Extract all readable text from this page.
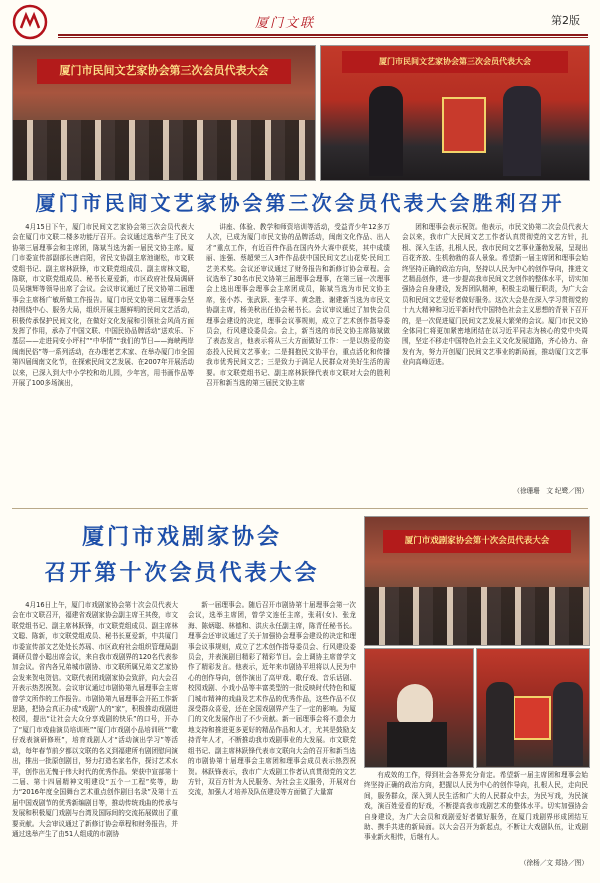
厦门文联	第2版
厦门市民间文艺家协会第三次会员代表大会
厦门市民间文艺家协会第三次会员代表大会
厦门市民间文艺家协会第三次会员代表大会胜利召开

4月15日下午，厦门市民间文艺家协会第三次会员代表大会在厦门市文联二楼多功能厅召开。会议通过选举产生了民文协第三届理事会和主席团，陈斌当选为新一届民文协主席。厦门市委宣传部副部长唐启阳，省民文协副主席池谢松，市文联党组书记、副主席林跃锋，市文联党组成员、副主席林文聪，陈联，市文联党组成员、秘书长夏爱新，市区政府社保局调研员吴继辉等领导出席了会议。会议审议通过了民文协第二届理事会主席杨广敏所做工作报告。厦门市民文协第二届理事会坚持围绕中心、服务大局，组织开展主题鲜明的民间文艺活动，积极传承保护民间文化，在做好文化发展和引领社会风尚方面发挥了作用，承办了中国文联、中国民协品牌活动“送欢乐、下基层——走进同安小坪村”“中华情”“我们的节日——海峡两岸闽南民俗”等一系列活动，在办理老艺术家、在举办厦门市全国第四届闽南文化节，在探索民间文艺发展、在2007年开展活动以来，已深入到大中小学校和幼儿园，少年宫，用书画作品等开展了100多场演出，

讲座、体验、教学和师资培训等活动，受益青少年12多万人次，已成为厦门市民文协的品牌活动，闽南文化作品、出人才“重点工作，有近百件作品在国内外大赛中获奖，其中成绩丽、连强、蔡超荣三人3件作品获中国民间文艺山花奖·民间工艺美术奖。会议还审议通过了财务报告和新修订协会章程。会议选举了30名市民文协第三届理事会理事，在第三届一次理事会上选出理事会理事会主席团成员，陈斌当选为市民文协主席，张小苏、张武跃、张学平、黄念胜、谢建新当选为市民文协副主席，杨美秋出任协会秘书长。会议审议通过了加快会员理事会建设的决定，理事会议事规则，成立了艺术创作指导委员会，行风建设委员会。会上，新当选的市民文协主席陈斌做了表态发言，他表示将从三大方面做好工作：一是以热爱的姿态投入民间文艺事业；二是拥抱民文协平台，重点活化和传播我市优秀民间文艺；三是致力于满足人民群众对美好生活的需要。市文联党组书记、副主席林跃锋代表市文联对大会的胜利召开和新当选的第三届民文协主席

团和理事会表示祝贺。他表示，市民文协第二次会员代表大会以来，我市广大民间文艺工作者认真贯彻党的文艺方针，扎根、深入生活，扎根人民，我市民间文艺事业蓬勃发展，呈现出百花齐放、生机勃勃的喜人景象。希望新一届主席团和理事会始终坚持正确的政治方向，坚持以人民为中心的创作导向，推进文艺精品创作，进一步提高我市民间文艺创作的整体水平，切实加强协会自身建设，发挥团队精神，积极主动履行职责，为广大会员和民间文艺爱好者做好服务。这次大会是在深入学习贯彻党的十九大精神和习近平新时代中国特色社会主义思想的背景下召开的，是一次促进厦门民间文艺发展大繁荣的会议。厦门市民文协全体同仁将更加紧密地团结在以习近平同志为核心的党中央周围，坚定不移走中国特色社会主义文化发展道路，齐心协力、奋发有为，努力开创厦门民间文艺事业的新局面，推动厦门文艺事业向高峰迈进。

（徐珊珊　文 纪鹭／图）
厦门市戏剧家协会
召开第十次会员代表大会
厦门市戏剧家协会第十次会员代表大会

4月16日上午，厦门市戏剧家协会第十次会员代表大会在市文联召开，福建省戏剧家协会副主席王其俊，市文联党组书记、副主席林跃锋，市文联党组成员、副主席林文聪、陈新，市文联党组成员、秘书长夏爱新，中共厦门市委宣传部文艺处处长苏瑶、市区政府社会组织管理局副调研员曾小聪出席会议，来自我市戏剧界的120名代表参加会议。省内各兄弟城市剧协、市文联所属兄弟文艺家协会发来贺电贺信。文联代表团戏剧家协会致辞，向大会召开表示热烈祝贺。会议审议通过市剧协第九届理事会主席曾学文所作的工作报告。市剧协第九届理事会开拓工作新思路，把协会真正办成“戏剧”人的“家”，积极推动戏剧进校园，提出“让社会大众分享戏剧的快乐”的口号，开办了“厦门市戏曲演员培训班”“厦门市戏剧小品培训班”“歌仔戏表演研修班”，培育戏剧人才“活动演出学习”等活动，每年春节前夕都以文联的名义到福建所有剧团慰问演出，推出一批原创剧目，努力打造名家名作，探讨艺术水平，创作出无愧于伟大时代的优秀作品。荣获中宣部第十二届、第十四届精神文明建设“五个一工程”奖等，助力“2016年度全国舞台艺术重点创作剧目名录”及第十五届中国戏剧节的优秀新编剧目等，推动传统戏曲的传承与发展和积极厦门戏剧与台湾及国际间的交流拓展做出了重要贡献。大会审议通过了新修订协会章程和财务报告，并通过选举产生了由51人组成的市剧协

新一届理事会。随后召开市剧协第十届理事会第一次会议，选举主席团，曾学文连任主席，张莉(女)、张龙海、陈炳聪、林德和、洪庆永任副主席，陈青任秘书长。理事会还审议通过了关于加强协会理事会建设的决定和理事会议事规则，成立了艺术创作指导委员会、行风建设委员会，并表演剧目精彩了精彩节目。会上调协主席曾学文作了精彩发言。他表示，近年来市剧协平坦将以人民为中心的创作导向，创作演出了高甲戏、歌仔戏、音乐话剧、校园戏剧、小戏小品等丰富类型的一批反映时代特色和厦门城市精神的戏曲及艺术作品的优秀作品，这些作品不仅深受群众喜爱，还在全国戏剧界产生了一定的影响。为厦门的文化发展作出了不少贡献。新一届理事会将不遗余力地支持和推进更多更好的精品作品和人才，尤其是鼓励支持青年人才，不断推动我市戏剧事业的大发展。市文联党组书记、副主席林跃锋代表市文联向大会的召开和新当选的市剧协第十届理事会主席团和理事会成员表示热烈祝贺。林跃锋表示，我市广大戏剧工作者认真贯彻党的文艺方针，双百方针为人民服务、为社会主义服务，开展对台交流，加强人才培养及队伍建设等方面做了大量富

有成效的工作，得到社会各界充分肯定。希望新一届主席团和理事会始终坚持正确的政治方向，把握以人民为中心的创作导向，扎根人民，走向民间，服务群众，深入到人民生活和广大的人民群众中去，为民写戏，为民演戏，演百姓爱看的好戏，不断提高我市戏剧艺术的整体水平。切实加强协会自身建设，为广大会员和戏剧爱好者做好服务，在厦门戏剧界形成团结互助、携手共进的新局面。以大会召开为新起点，不断让大戏剧队伍，让戏剧事业新火相传，后继有人。

（徐杨／文 郑协／图）
